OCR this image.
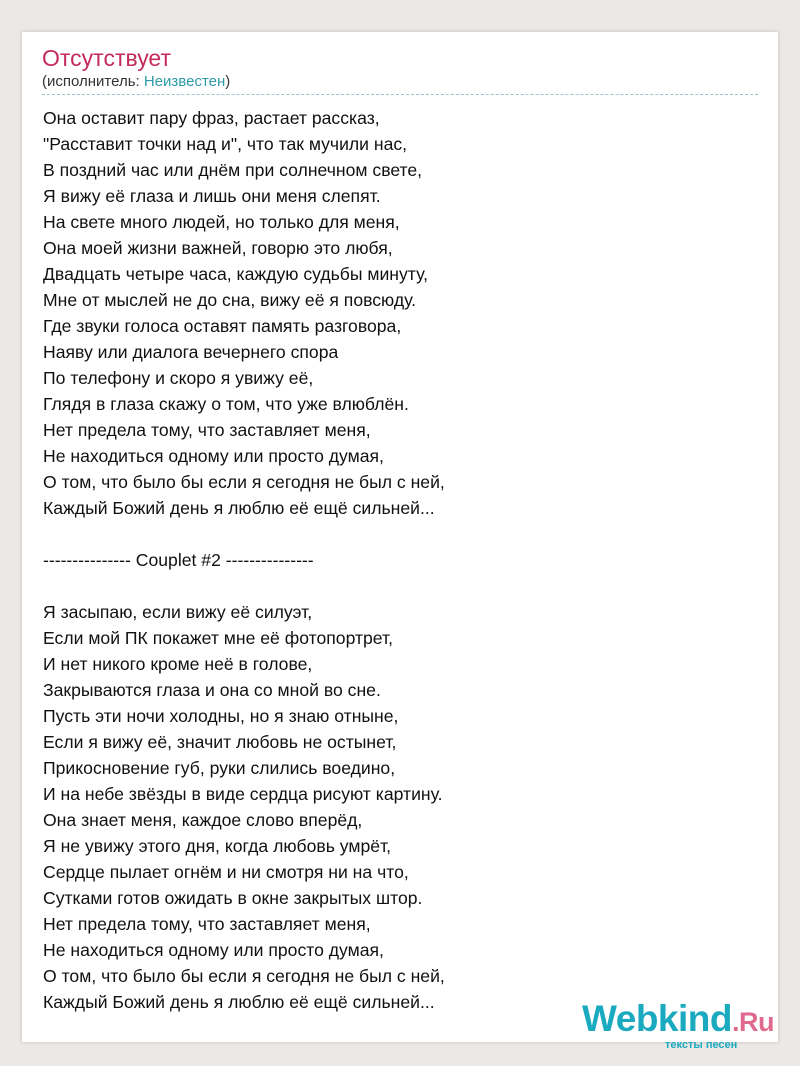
Отсутствует
(исполнитель: Неизвестен)
Она оставит пару фраз, растает рассказ,
"Расставит точки над и", что так мучили нас,
В поздний час или днём при солнечном свете,
Я вижу её глаза и лишь они меня слепят.
На свете много людей, но только для меня,
Она моей жизни важней, говорю это любя,
Двадцать четыре часа, каждую судьбы минуту,
Мне от мыслей не до сна, вижу её я повсюду.
Где звуки голоса оставят память разговора,
Наяву или диалога вечернего спора
По телефону и скоро я увижу её,
Глядя в глаза скажу о том, что уже влюблён.
Нет предела тому, что заставляет меня,
Не находиться одному или просто думая,
О том, что было бы если я сегодня не был с ней,
Каждый Божий день я люблю её ещё сильней...
--------------- Couplet #2 ---------------
Я засыпаю, если вижу её силуэт,
Если мой ПК покажет мне её фотопортрет,
И нет никого кроме неё в голове,
Закрываются глаза и она со мной во сне.
Пусть эти ночи холодны, но я знаю отныне,
Если я вижу её, значит любовь не остынет,
Прикосновение губ, руки слились воедино,
И на небе звёзды в виде сердца рисуют картину.
Она знает меня, каждое слово вперёд,
Я не увижу этого дня, когда любовь умрёт,
Сердце пылает огнём и ни смотря ни на что,
Сутками готов ожидать в окне закрытых штор.
Нет предела тому, что заставляет меня,
Не находиться одному или просто думая,
О том, что было бы если я сегодня не был с ней,
Каждый Божий день я люблю её ещё сильней...	Webkind.Ru
тексты песен
